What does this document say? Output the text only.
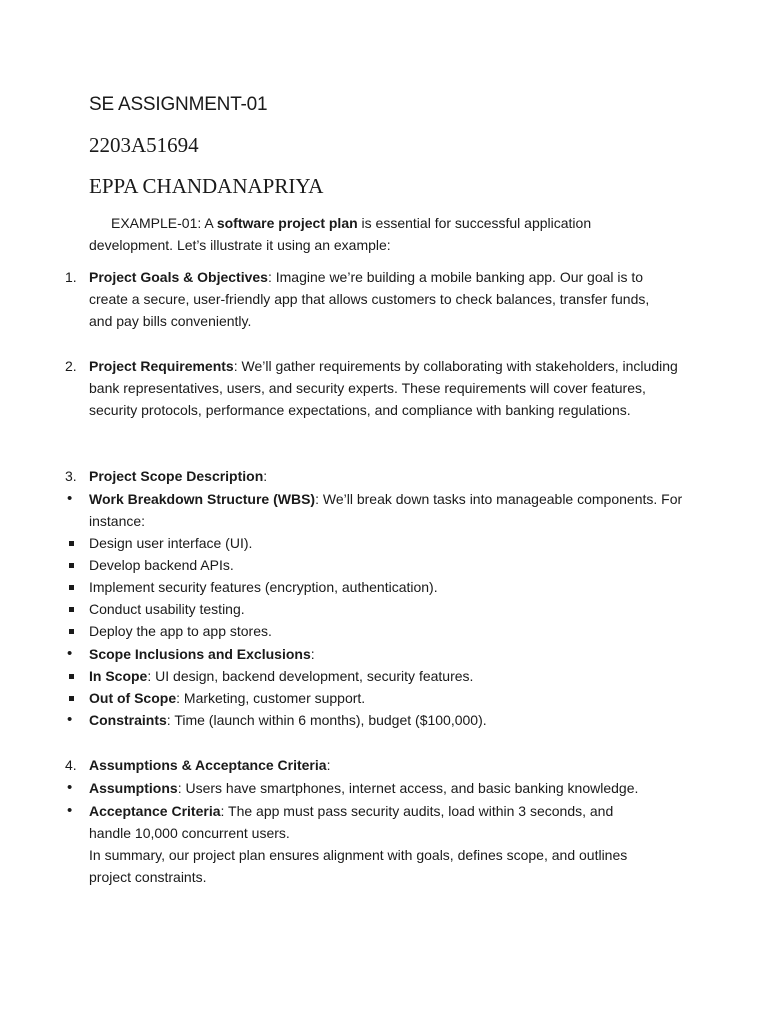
SE ASSIGNMENT-01
2203A51694
EPPA CHANDANAPRIYA
EXAMPLE-01: A software project plan is essential for successful application development. Let’s illustrate it using an example:
1. Project Goals & Objectives: Imagine we’re building a mobile banking app. Our goal is to create a secure, user-friendly app that allows customers to check balances, transfer funds, and pay bills conveniently.
2. Project Requirements: We’ll gather requirements by collaborating with stakeholders, including bank representatives, users, and security experts. These requirements will cover features, security protocols, performance expectations, and compliance with banking regulations.
3. Project Scope Description:
• Work Breakdown Structure (WBS): We’ll break down tasks into manageable components. For instance:
Design user interface (UI).
Develop backend APIs.
Implement security features (encryption, authentication).
Conduct usability testing.
Deploy the app to app stores.
• Scope Inclusions and Exclusions:
In Scope: UI design, backend development, security features.
Out of Scope: Marketing, customer support.
• Constraints: Time (launch within 6 months), budget ($100,000).
4. Assumptions & Acceptance Criteria:
• Assumptions: Users have smartphones, internet access, and basic banking knowledge.
• Acceptance Criteria: The app must pass security audits, load within 3 seconds, and handle 10,000 concurrent users.
In summary, our project plan ensures alignment with goals, defines scope, and outlines project constraints.
